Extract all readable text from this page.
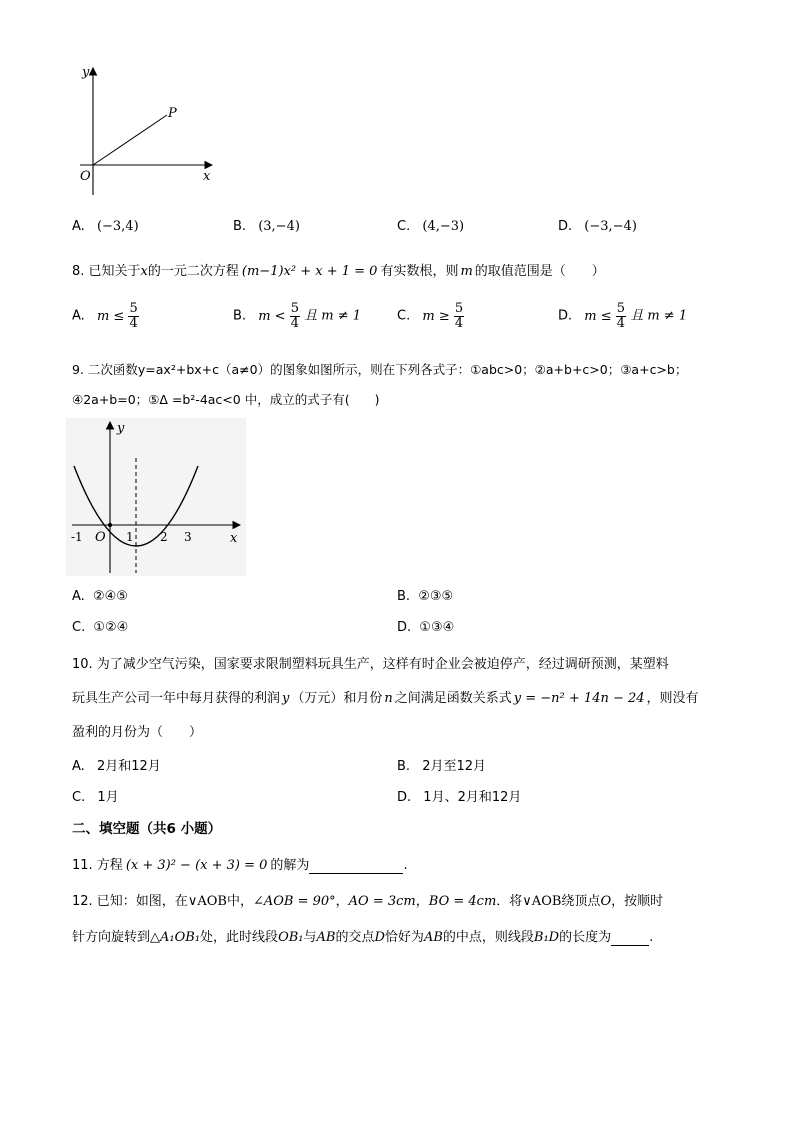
y
x
O
P
A. (−3,4)	B. (3,−4)	C. (4,−3)	D. (−3,−4)
8. 已知关于x的一元二次方程 (m−1)x² + x + 1 = 0 有实数根，则 m 的取值范围是（　　）
A. $m \le \frac{5}{4}$	B. $m < \frac{5}{4}$ 且 m ≠ 1	C. $m \ge \frac{5}{4}$	D. $m \le \frac{5}{4}$ 且 m ≠ 1
9. 二次函数y=ax²+bx+c（a≠0）的图象如图所示，则在下列各式子：①abc>0；②a+b+c>0；③a+c>b；
④2a+b=0；⑤Δ =b²-4ac<0 中，成立的式子有(　　)
y
x
O
-1	1 2 3
A. ②④⑤	B. ②③⑤
C. ①②④	D. ①③④
10. 为了减少空气污染，国家要求限制塑料玩具生产，这样有时企业会被迫停产，经过调研预测，某塑料
玩具生产公司一年中每月获得的利润 y （万元）和月份 n 之间满足函数关系式 y = −n² + 14n − 24 ，则没有
盈利的月份为（　　）
A. 2月和12月	B. 2月至12月
C. 1月	D. 1月、2月和12月
二、填空题（共6 小题）
11. 方程 (x + 3)² − (x + 3) = 0 的解为	.
12. 已知：如图，在∨AOB中，∠AOB = 90°，AO = 3cm，BO = 4cm．将∨AOB绕顶点O，按顺时
针方向旋转到△A₁OB₁处，此时线段OB₁与AB的交点D恰好为AB的中点，则线段B₁D的长度为	.
